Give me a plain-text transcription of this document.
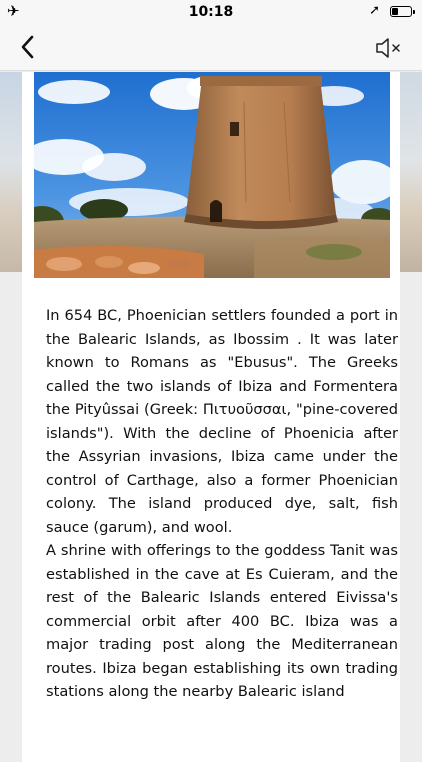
✈	10:18	➚

In 654 BC, Phoenician settlers founded a port in the Balearic Islands, as Ibossim . It was later known to Romans as "Ebusus". The Greeks called the two islands of Ibiza and Formentera the Pityûssai (Greek: Πιτυοῦσσαι, "pine-covered islands"). With the decline of Phoenicia after the Assyrian invasions, Ibiza came under the control of Carthage, also a former Phoenician colony. The island produced dye, salt, fish sauce (garum), and wool.

A shrine with offerings to the goddess Tanit was established in the cave at Es Cuieram, and the rest of the Balearic Islands entered Eivissa's commercial orbit after 400 BC. Ibiza was a major trading post along the Mediterranean routes. Ibiza began establishing its own trading stations along the nearby Balearic island
